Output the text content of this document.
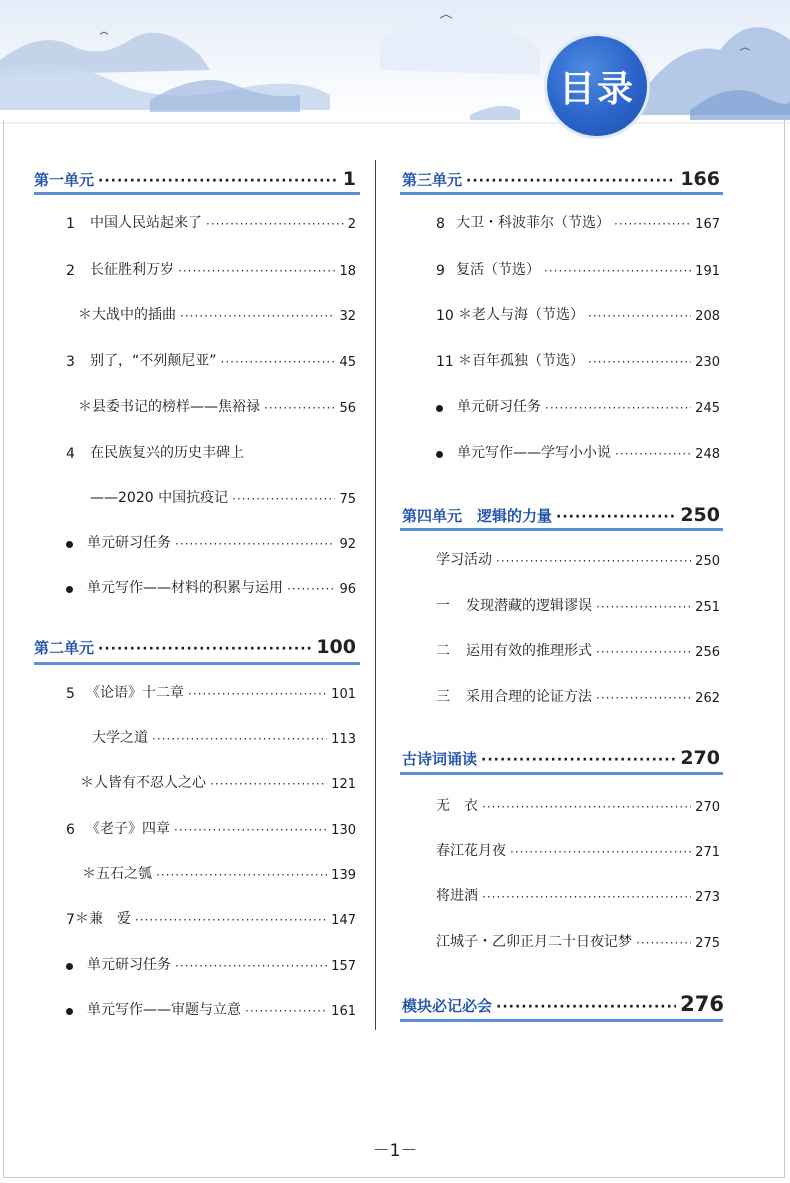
目录
第一单元 ·····	1
1	中国人民站起来了 ·····	2
2	长征胜利万岁 ·····	18
＊大战中的插曲 ·····	32
3	别了，“不列颠尼亚” ·····	45
＊县委书记的榜样——焦裕禄 ·····	56
4	在民族复兴的历史丰碑上
——2020 中国抗疫记 ·····	75
单元研习任务 ·····	92
单元写作——材料的积累与运用 ·····	96
第二单元 ·····	100
5 《论语》十二章 ·····	101
大学之道 ·····	113
＊人皆有不忍人之心 ·····	121
6 《老子》四章 ·····	130
＊五石之瓠 ·····	139
7 ＊兼　爱 ·····	147
单元研习任务 ·····	157
单元写作——审题与立意 ·····	161
第三单元 ·····	166
8 大卫・科波菲尔（节选） ·····	167
9 复活（节选） ·····	191
10 ＊老人与海（节选） ·····	208
11 ＊百年孤独（节选） ·····	230
单元研习任务 ·····	245
单元写作——学写小小说 ·····	248
第四单元　逻辑的力量 ·····	250
学习活动 ·····	250
一	发现潜藏的逻辑谬误 ·····	251
二	运用有效的推理形式 ·····	256
三	采用合理的论证方法 ·····	262
古诗词诵读 ·····	270
无　衣 ·····	270
春江花月夜 ·····	271
将进酒 ·····	273
江城子・乙卯正月二十日夜记梦 ·····	275
模块必记必会 ·····	276
－1－
